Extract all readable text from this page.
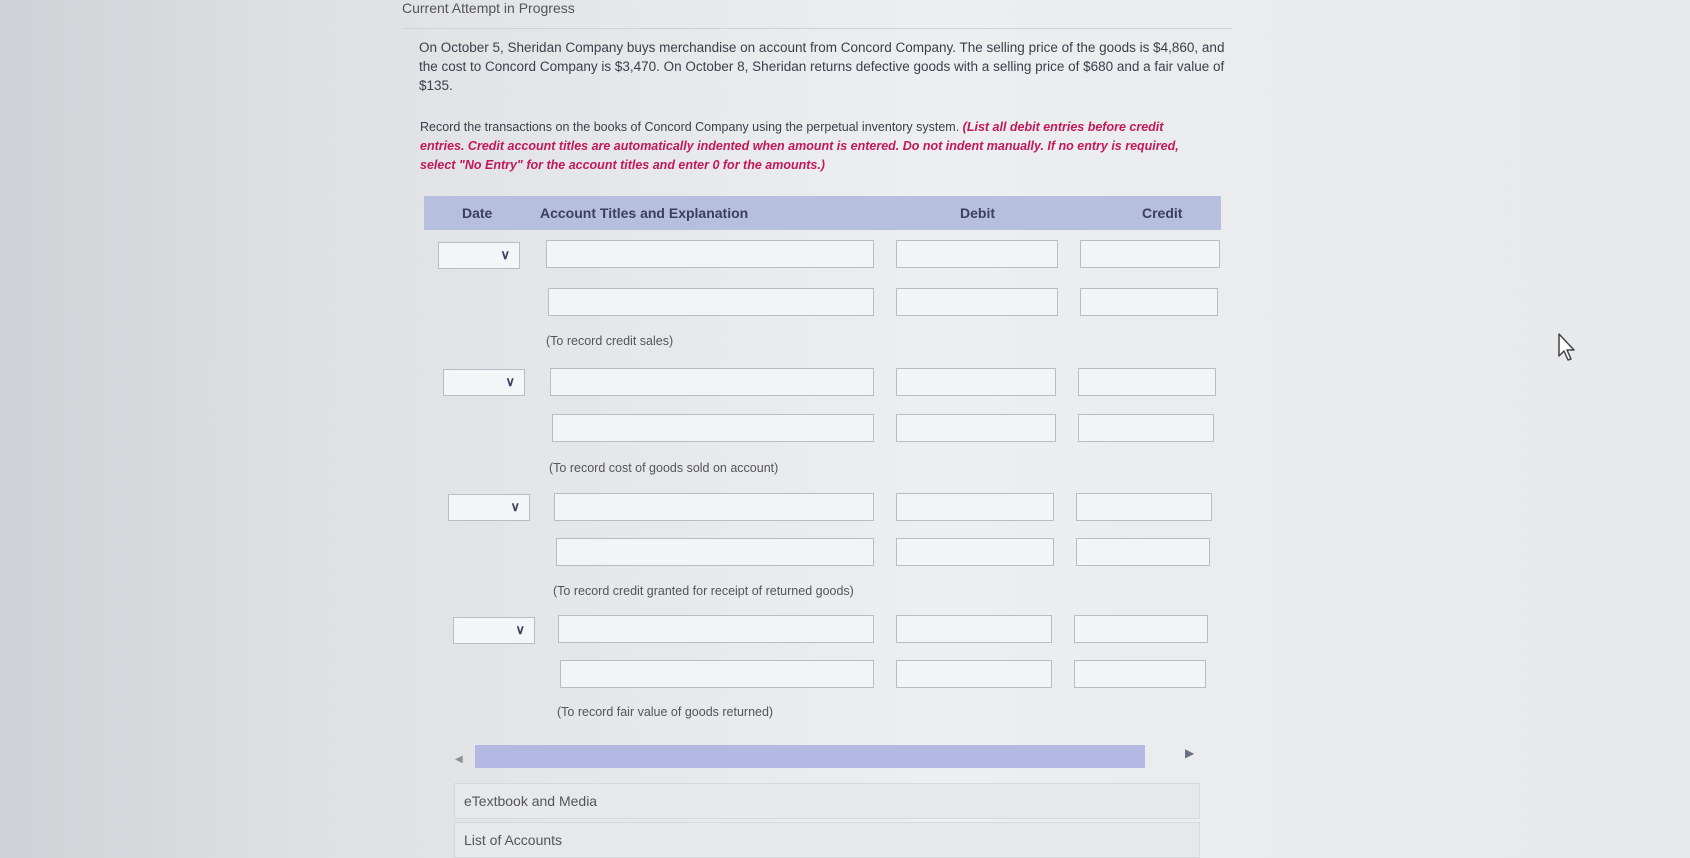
Current Attempt in Progress
On October 5, Sheridan Company buys merchandise on account from Concord Company. The selling price of the goods is $4,860, and the cost to Concord Company is $3,470. On October 8, Sheridan returns defective goods with a selling price of $680 and a fair value of $135.
Record the transactions on the books of Concord Company using the perpetual inventory system. (List all debit entries before credit entries. Credit account titles are automatically indented when amount is entered. Do not indent manually. If no entry is required, select "No Entry" for the account titles and enter 0 for the amounts.)
Date	Account Titles and Explanation	Debit	Credit
∨
(To record credit sales)
∨
(To record cost of goods sold on account)
∨
(To record credit granted for receipt of returned goods)
∨
(To record fair value of goods returned)
◀	▶
eTextbook and Media
List of Accounts
